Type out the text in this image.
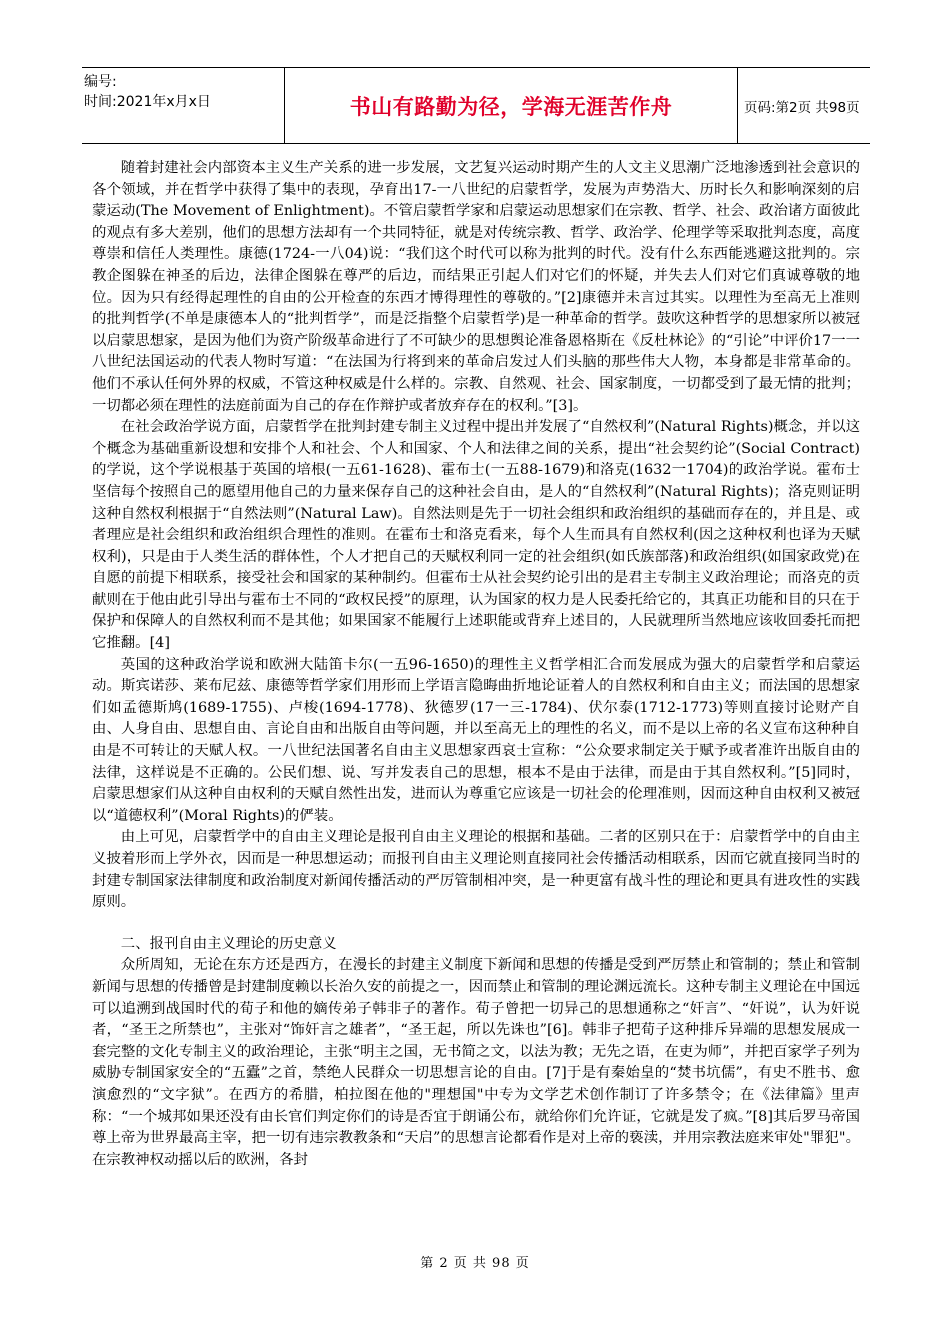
编号:
时间:2021年x月x日	书山有路勤为径，学海无涯苦作舟	页码:第2页 共98页

随着封建社会内部资本主义生产关系的进一步发展，文艺复兴运动时期产生的人文主义思潮广泛地渗透到社会意识的各个领域，并在哲学中获得了集中的表现，孕育出17-一八世纪的启蒙哲学，发展为声势浩大、历时长久和影响深刻的启蒙运动(The Movement of Enlightment)。不管启蒙哲学家和启蒙运动思想家们在宗教、哲学、社会、政治诸方面彼此的观点有多大差别，他们的思想方法却有一个共同特征，就是对传统宗教、哲学、政治学、伦理学等采取批判态度，高度尊崇和信任人类理性。康德(1724-一八04)说：“我们这个时代可以称为批判的时代。没有什么东西能逃避这批判的。宗教企图躲在神圣的后边，法律企图躲在尊严的后边，而结果正引起人们对它们的怀疑，并失去人们对它们真诚尊敬的地位。因为只有经得起理性的自由的公开检查的东西才博得理性的尊敬的。”[2]康德并未言过其实。以理性为至高无上准则的批判哲学(不单是康德本人的“批判哲学”，而是泛指整个启蒙哲学)是一种革命的哲学。鼓吹这种哲学的思想家所以被冠以启蒙思想家，是因为他们为资产阶级革命进行了不可缺少的思想舆论准备恩格斯在《反杜林论》的“引论”中评价17一一八世纪法国运动的代表人物时写道：“在法国为行将到来的革命启发过人们头脑的那些伟大人物，本身都是非常革命的。他们不承认任何外界的权威，不管这种权威是什么样的。宗教、自然观、社会、国家制度，一切都受到了最无情的批判；一切都必须在理性的法庭前面为自己的存在作辩护或者放弃存在的权利。”[3]。

在社会政治学说方面，启蒙哲学在批判封建专制主义过程中提出并发展了“自然权利”(Natural Rights)概念，并以这个概念为基础重新设想和安排个人和社会、个人和国家、个人和法律之间的关系，提出“社会契约论”(Social Contract)的学说，这个学说根基于英国的培根(一五61-1628)、霍布士(一五88-1679)和洛克(1632一1704)的政治学说。霍布士坚信每个按照自己的愿望用他自己的力量来保存自己的这种社会自由，是人的“自然权利”(Natural Rights)；洛克则证明这种自然权利根据于“自然法则”(Natural Law)。自然法则是先于一切社会组织和政治组织的基础而存在的，并且是、或者理应是社会组织和政治组织合理性的准则。在霍布士和洛克看来，每个人生而具有自然权利(因之这种权利也译为天赋权利)，只是由于人类生活的群体性，个人才把自己的天赋权利同一定的社会组织(如氏族部落)和政治组织(如国家政党)在自愿的前提下相联系，接受社会和国家的某种制约。但霍布士从社会契约论引出的是君主专制主义政治理论；而洛克的贡献则在于他由此引导出与霍布士不同的“政权民授”的原理，认为国家的权力是人民委托给它的，其真正功能和目的只在于保护和保障人的自然权利而不是其他；如果国家不能履行上述职能或背弃上述目的，人民就理所当然地应该收回委托而把它推翻。[4]

英国的这种政治学说和欧洲大陆笛卡尔(一五96-1650)的理性主义哲学相汇合而发展成为强大的启蒙哲学和启蒙运动。斯宾诺莎、莱布尼兹、康德等哲学家们用形而上学语言隐晦曲折地论证着人的自然权利和自由主义；而法国的思想家们如孟德斯鸠(1689-1755)、卢梭(1694-1778)、狄德罗(17一三-1784)、伏尔泰(1712-1773)等则直接讨论财产自由、人身自由、思想自由、言论自由和出版自由等问题，并以至高无上的理性的名义，而不是以上帝的名义宣布这种种自由是不可转让的天赋人权。一八世纪法国著名自由主义思想家西哀士宣称：“公众要求制定关于赋予或者准许出版自由的法律，这样说是不正确的。公民们想、说、写并发表自己的思想，根本不是由于法律，而是由于其自然权利。”[5]同时，启蒙思想家们从这种自由权利的天赋自然性出发，进而认为尊重它应该是一切社会的伦理准则，因而这种自由权利又被冠以“道德权利”(Moral Rights)的俨装。

由上可见，启蒙哲学中的自由主义理论是报刊自由主义理论的根据和基础。二者的区别只在于：启蒙哲学中的自由主义披着形而上学外衣，因而是一种思想运动；而报刊自由主义理论则直接同社会传播活动相联系，因而它就直接同当时的封建专制国家法律制度和政治制度对新闻传播活动的严厉管制相冲突，是一种更富有战斗性的理论和更具有进攻性的实践原则。

二、报刊自由主义理论的历史意义

众所周知，无论在东方还是西方，在漫长的封建主义制度下新闻和思想的传播是受到严厉禁止和管制的；禁止和管制新闻与思想的传播曾是封建制度赖以长治久安的前提之一，因而禁止和管制的理论渊远流长。这种专制主义理论在中国远可以追溯到战国时代的荀子和他的嫡传弟子韩非子的著作。荀子曾把一切异己的思想通称之“奸言”、“奸说”，认为奸说者，“圣王之所禁也”，主张对“饰奸言之雄者”，“圣王起，所以先诛也”[6]。韩非子把荀子这种排斥异端的思想发展成一套完整的文化专制主义的政治理论，主张“明主之国，无书简之文，以法为教；无先之语，在吏为师”，并把百家学子列为威胁专制国家安全的“五蠹”之首，禁绝人民群众一切思想言论的自由。[7]于是有秦始皇的“焚书坑儒”，有史不胜书、愈演愈烈的“文字狱”。在西方的希腊，柏拉图在他的"理想国"中专为文学艺术创作制订了许多禁令；在《法律篇》里声称：“一个城邦如果还没有由长官们判定你们的诗是否宜于朗诵公布，就给你们允许证，它就是发了疯。”[8]其后罗马帝国尊上帝为世界最高主宰，把一切有违宗教教条和“天启”的思想言论都看作是对上帝的亵渎，并用宗教法庭来审处"罪犯"。在宗教神权动摇以后的欧洲，各封

第 2 页 共 98 页
